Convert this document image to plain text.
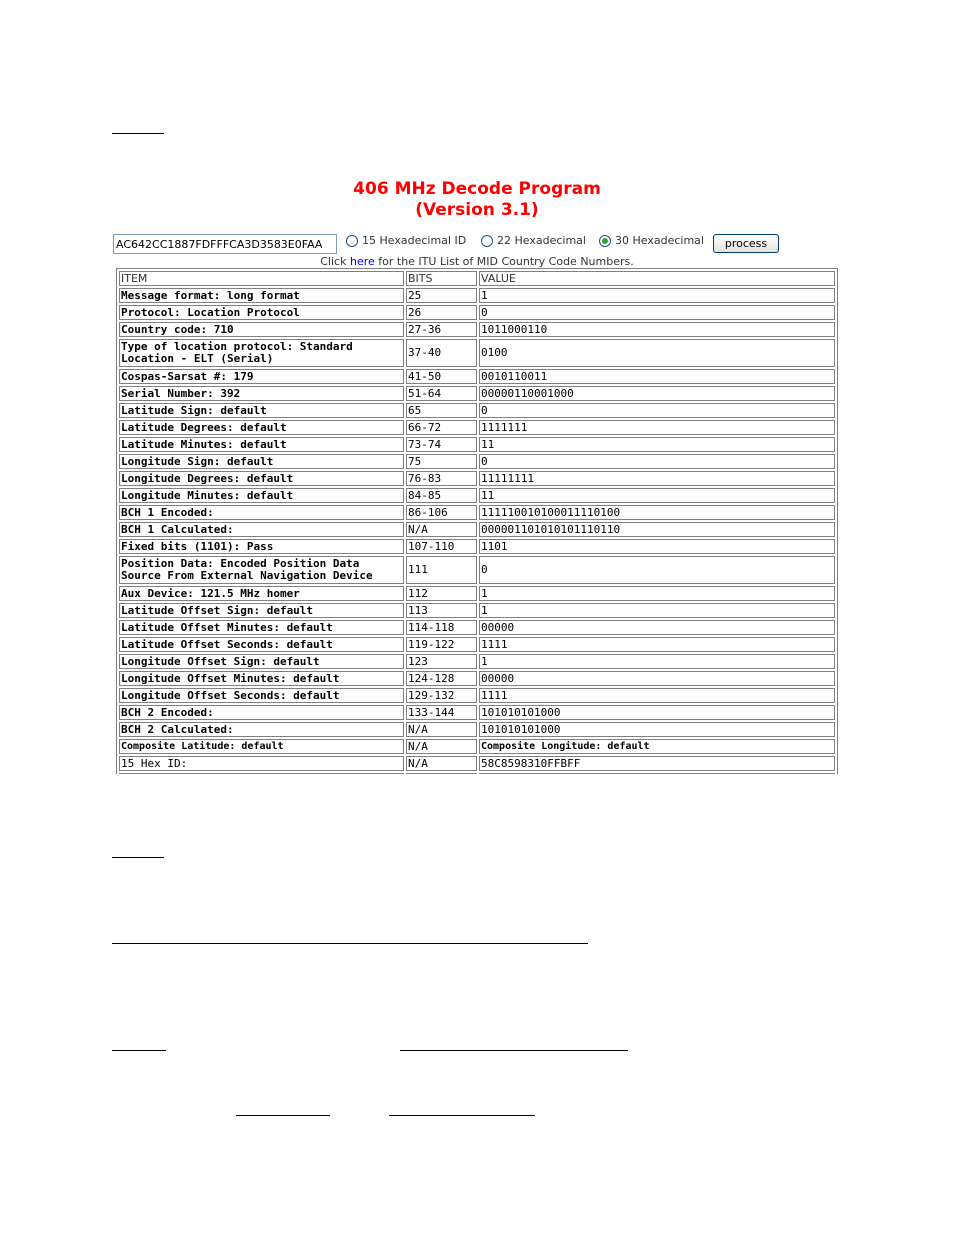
406 MHz Decode Program
(Version 3.1)
AC642CC1887FDFFFCA3D3583E0FAA
15 Hexadecimal ID	22 Hexadecimal	30 Hexadecimal	process
Click here for the ITU List of MID Country Code Numbers.
ITEM	BITS	VALUE
Message format: long format	25	1
Protocol: Location Protocol	26	0
Country code: 710	27-36	1011000110
Type of location protocol: Standard Location - ELT (Serial)	37-40	0100
Cospas-Sarsat #: 179	41-50	0010110011
Serial Number: 392	51-64	00000110001000
Latitude Sign: default	65	0
Latitude Degrees: default	66-72	1111111
Latitude Minutes: default	73-74	11
Longitude Sign: default	75	0
Longitude Degrees: default	76-83	11111111
Longitude Minutes: default	84-85	11
BCH 1 Encoded:	86-106	111110010100011110100
BCH 1 Calculated:	N/A	000001101010101110110
Fixed bits (1101): Pass	107-110	1101
Position Data: Encoded Position Data Source From External Navigation Device	111	0
Aux Device: 121.5 MHz homer	112	1
Latitude Offset Sign: default	113	1
Latitude Offset Minutes: default	114-118	00000
Latitude Offset Seconds: default	119-122	1111
Longitude Offset Sign: default	123	1
Longitude Offset Minutes: default	124-128	00000
Longitude Offset Seconds: default	129-132	1111
BCH 2 Encoded:	133-144	101010101000
BCH 2 Calculated:	N/A	101010101000
Composite Latitude: default	N/A	Composite Longitude: default
15 Hex ID:	N/A	58C8598310FFBFF
